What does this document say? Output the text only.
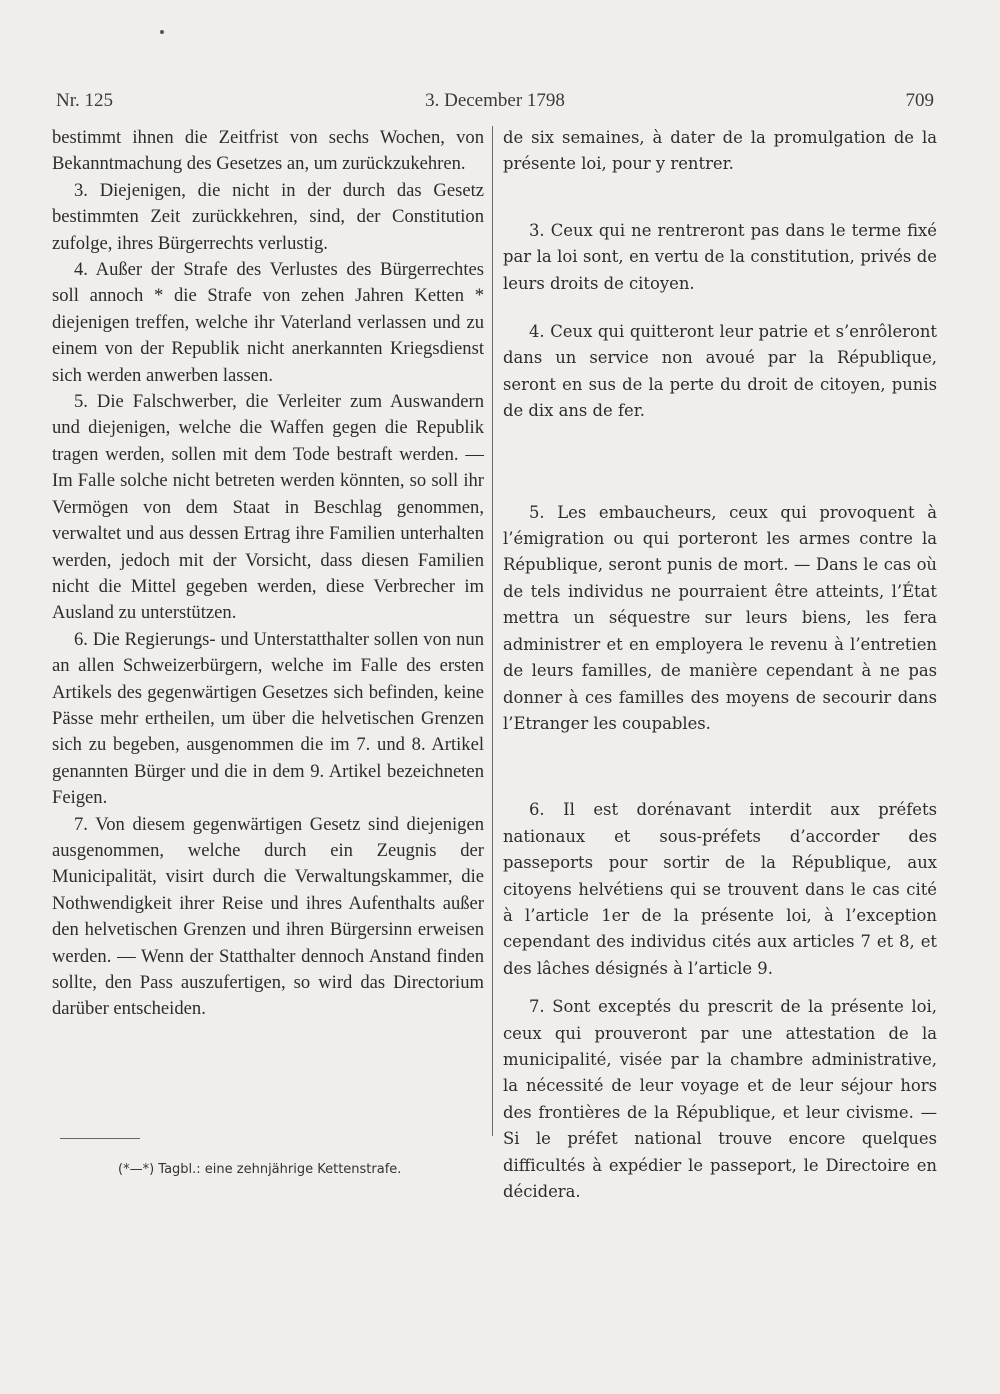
Nr. 125	3. December 1798	709

bestimmt ihnen die Zeitfrist von sechs Wochen, von Bekanntmachung des Gesetzes an, um zurückzukehren.

3. Diejenigen, die nicht in der durch das Gesetz bestimmten Zeit zurückkehren, sind, der Constitution zufolge, ihres Bürgerrechts verlustig.

4. Außer der Strafe des Verlustes des Bürgerrechtes soll annoch * die Strafe von zehen Jahren Ketten * diejenigen treffen, welche ihr Vaterland verlassen und zu einem von der Republik nicht anerkannten Kriegsdienst sich werden anwerben lassen.

5. Die Falschwerber, die Verleiter zum Auswandern und diejenigen, welche die Waffen gegen die Republik tragen werden, sollen mit dem Tode bestraft werden. — Im Falle solche nicht betreten werden könnten, so soll ihr Vermögen von dem Staat in Beschlag genommen, verwaltet und aus dessen Ertrag ihre Familien unterhalten werden, jedoch mit der Vorsicht, dass diesen Familien nicht die Mittel gegeben werden, diese Verbrecher im Ausland zu unterstützen.

6. Die Regierungs- und Unterstatthalter sollen von nun an allen Schweizerbürgern, welche im Falle des ersten Artikels des gegenwärtigen Gesetzes sich befinden, keine Pässe mehr ertheilen, um über die helvetischen Grenzen sich zu begeben, ausgenommen die im 7. und 8. Artikel genannten Bürger und die in dem 9. Artikel bezeichneten Feigen.

7. Von diesem gegenwärtigen Gesetz sind diejenigen ausgenommen, welche durch ein Zeugnis der Municipalität, visirt durch die Verwaltungskammer, die Nothwendigkeit ihrer Reise und ihres Aufenthalts außer den helvetischen Grenzen und ihren Bürgersinn erweisen werden. — Wenn der Statthalter dennoch Anstand finden sollte, den Pass auszufertigen, so wird das Directorium darüber entscheiden.

de six semaines, à dater de la promulgation de la présente loi, pour y rentrer.

3. Ceux qui ne rentreront pas dans le terme fixé par la loi sont, en vertu de la constitution, privés de leurs droits de citoyen.

4. Ceux qui quitteront leur patrie et s’enrôleront dans un service non avoué par la République, seront en sus de la perte du droit de citoyen, punis de dix ans de fer.

5. Les embaucheurs, ceux qui provoquent à l’émigration ou qui porteront les armes contre la République, seront punis de mort. — Dans le cas où de tels individus ne pourraient être atteints, l’État mettra un séquestre sur leurs biens, les fera administrer et en employera le revenu à l’entretien de leurs familles, de manière cependant à ne pas donner à ces familles des moyens de secourir dans l’Etranger les coupables.

6. Il est dorénavant interdit aux préfets nationaux et sous-préfets d’accorder des passeports pour sortir de la République, aux citoyens helvétiens qui se trouvent dans le cas cité à l’article 1er de la présente loi, à l’exception cependant des individus cités aux articles 7 et 8, et des lâches désignés à l’article 9.

7. Sont exceptés du prescrit de la présente loi, ceux qui prouveront par une attestation de la municipalité, visée par la chambre administrative, la nécessité de leur voyage et de leur séjour hors des frontières de la République, et leur civisme. — Si le préfet national trouve encore quelques difficultés à expédier le passeport, le Directoire en décidera.

(*—*) Tagbl.: eine zehnjährige Kettenstrafe.
